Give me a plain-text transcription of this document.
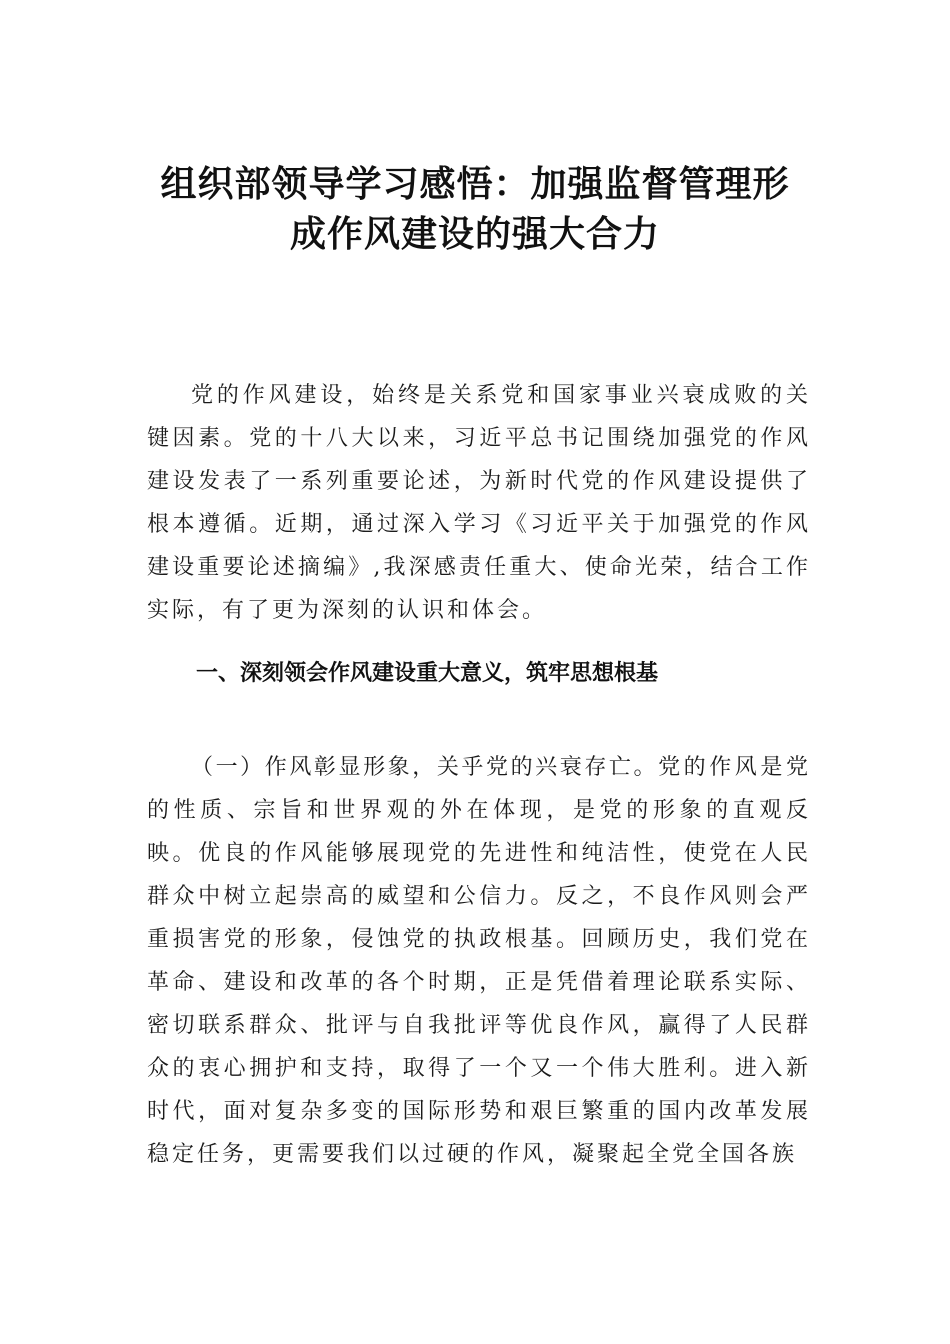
组织部领导学习感悟：加强监督管理形
成作风建设的强大合力

党的作风建设，始终是关系党和国家事业兴衰成败的关键因素。党的十八大以来，习近平总书记围绕加强党的作风建设发表了一系列重要论述，为新时代党的作风建设提供了根本遵循。近期，通过深入学习《习近平关于加强党的作风建设重要论述摘编》,我深感责任重大、使命光荣，结合工作实际，有了更为深刻的认识和体会。

一、深刻领会作风建设重大意义，筑牢思想根基

（一）作风彰显形象，关乎党的兴衰存亡。党的作风是党的性质、宗旨和世界观的外在体现，是党的形象的直观反映。优良的作风能够展现党的先进性和纯洁性，使党在人民群众中树立起崇高的威望和公信力。反之，不良作风则会严重损害党的形象，侵蚀党的执政根基。回顾历史，我们党在革命、建设和改革的各个时期，正是凭借着理论联系实际、密切联系群众、批评与自我批评等优良作风，赢得了人民群众的衷心拥护和支持，取得了一个又一个伟大胜利。进入新时代，面对复杂多变的国际形势和艰巨繁重的国内改革发展稳定任务，更需要我们以过硬的作风，凝聚起全党全国各族
